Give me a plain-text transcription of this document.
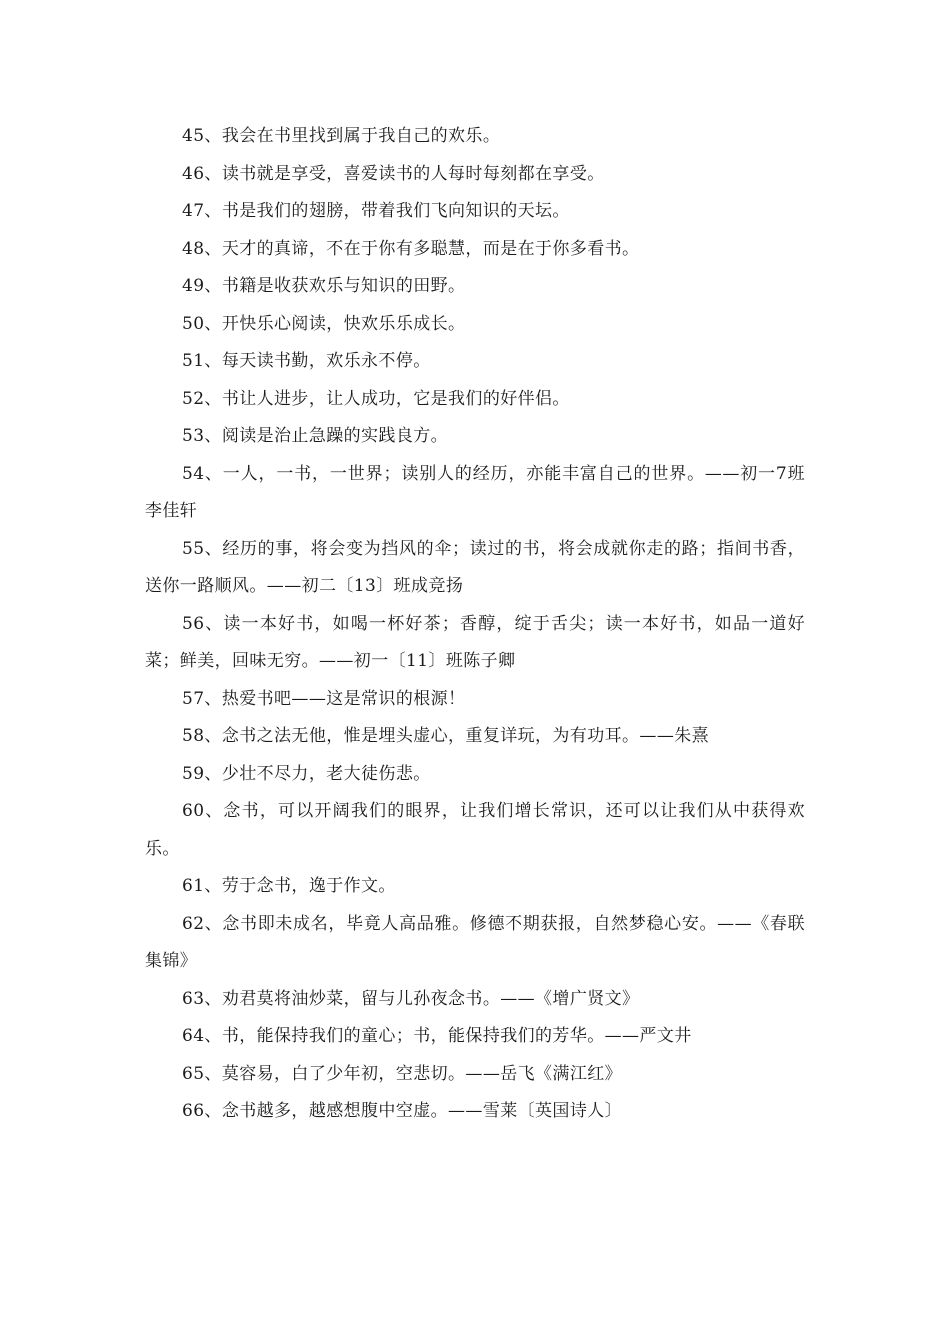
45、我会在书里找到属于我自己的欢乐。

46、读书就是享受，喜爱读书的人每时每刻都在享受。

47、书是我们的翅膀，带着我们飞向知识的天坛。

48、天才的真谛，不在于你有多聪慧，而是在于你多看书。

49、书籍是收获欢乐与知识的田野。

50、开快乐心阅读，快欢乐乐成长。

51、每天读书勤，欢乐永不停。

52、书让人进步，让人成功，它是我们的好伴侣。

53、阅读是治止急躁的实践良方。

54、一人，一书，一世界；读别人的经历，亦能丰富自己的世界。——初一7班李佳轩

55、经历的事，将会变为挡风的伞；读过的书，将会成就你走的路；指间书香，送你一路顺风。——初二〔13〕班成竞扬

56、读一本好书，如喝一杯好茶；香醇，绽于舌尖；读一本好书，如品一道好菜；鲜美，回味无穷。——初一〔11〕班陈子卿

57、热爱书吧——这是常识的根源！

58、念书之法无他，惟是埋头虚心，重复详玩，为有功耳。——朱熹

59、少壮不尽力，老大徒伤悲。

60、念书，可以开阔我们的眼界，让我们增长常识，还可以让我们从中获得欢乐。

61、劳于念书，逸于作文。

62、念书即未成名，毕竟人高品雅。修德不期获报，自然梦稳心安。——《春联集锦》

63、劝君莫将油炒菜，留与儿孙夜念书。——《增广贤文》

64、书，能保持我们的童心；书，能保持我们的芳华。——严文井

65、莫容易，白了少年初，空悲切。——岳飞《满江红》

66、念书越多，越感想腹中空虚。——雪莱〔英国诗人〕
